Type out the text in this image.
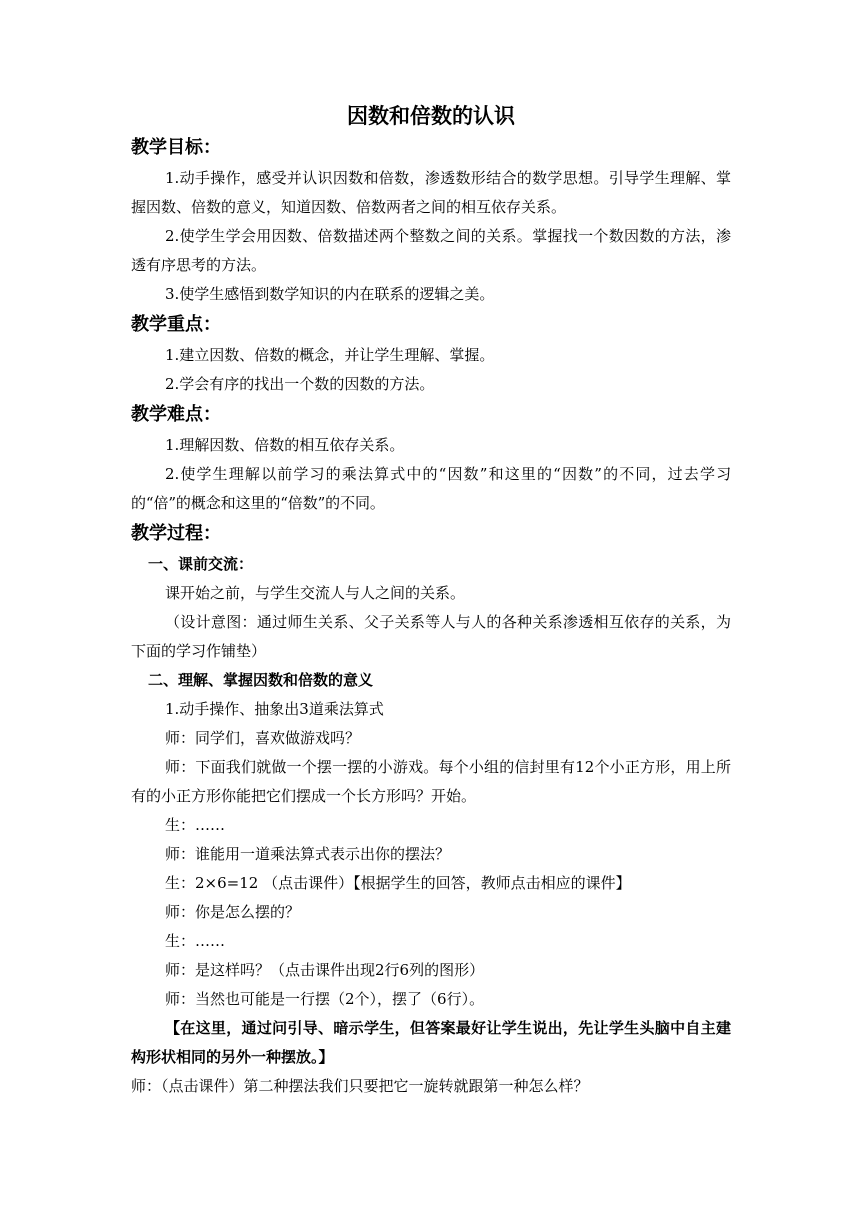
因数和倍数的认识
教学目标：

1.动手操作，感受并认识因数和倍数，渗透数形结合的数学思想。引导学生理解、掌握因数、倍数的意义，知道因数、倍数两者之间的相互依存关系。

2.使学生学会用因数、倍数描述两个整数之间的关系。掌握找一个数因数的方法，渗透有序思考的方法。

3.使学生感悟到数学知识的内在联系的逻辑之美。

教学重点：

1.建立因数、倍数的概念，并让学生理解、掌握。

2.学会有序的找出一个数的因数的方法。

教学难点：

1.理解因数、倍数的相互依存关系。

2.使学生理解以前学习的乘法算式中的“因数”和这里的“因数”的不同，过去学习的“倍”的概念和这里的“倍数”的不同。

教学过程：
一、课前交流：

课开始之前，与学生交流人与人之间的关系。

（设计意图：通过师生关系、父子关系等人与人的各种关系渗透相互依存的关系，为下面的学习作铺垫）

二、理解、掌握因数和倍数的意义

1.动手操作、抽象出3道乘法算式

师：同学们，喜欢做游戏吗？

师：下面我们就做一个摆一摆的小游戏。每个小组的信封里有12个小正方形，用上所有的小正方形你能把它们摆成一个长方形吗？开始。

生：……

师：谁能用一道乘法算式表示出你的摆法？

生：2×6=12 （点击课件）【根据学生的回答，教师点击相应的课件】

师：你是怎么摆的？

生：……

师：是这样吗？（点击课件出现2行6列的图形）

师：当然也可能是一行摆（2个），摆了（6行）。

【在这里，通过问引导、暗示学生，但答案最好让学生说出，先让学生头脑中自主建构形状相同的另外一种摆放。】

师：（点击课件）第二种摆法我们只要把它一旋转就跟第一种怎么样？
